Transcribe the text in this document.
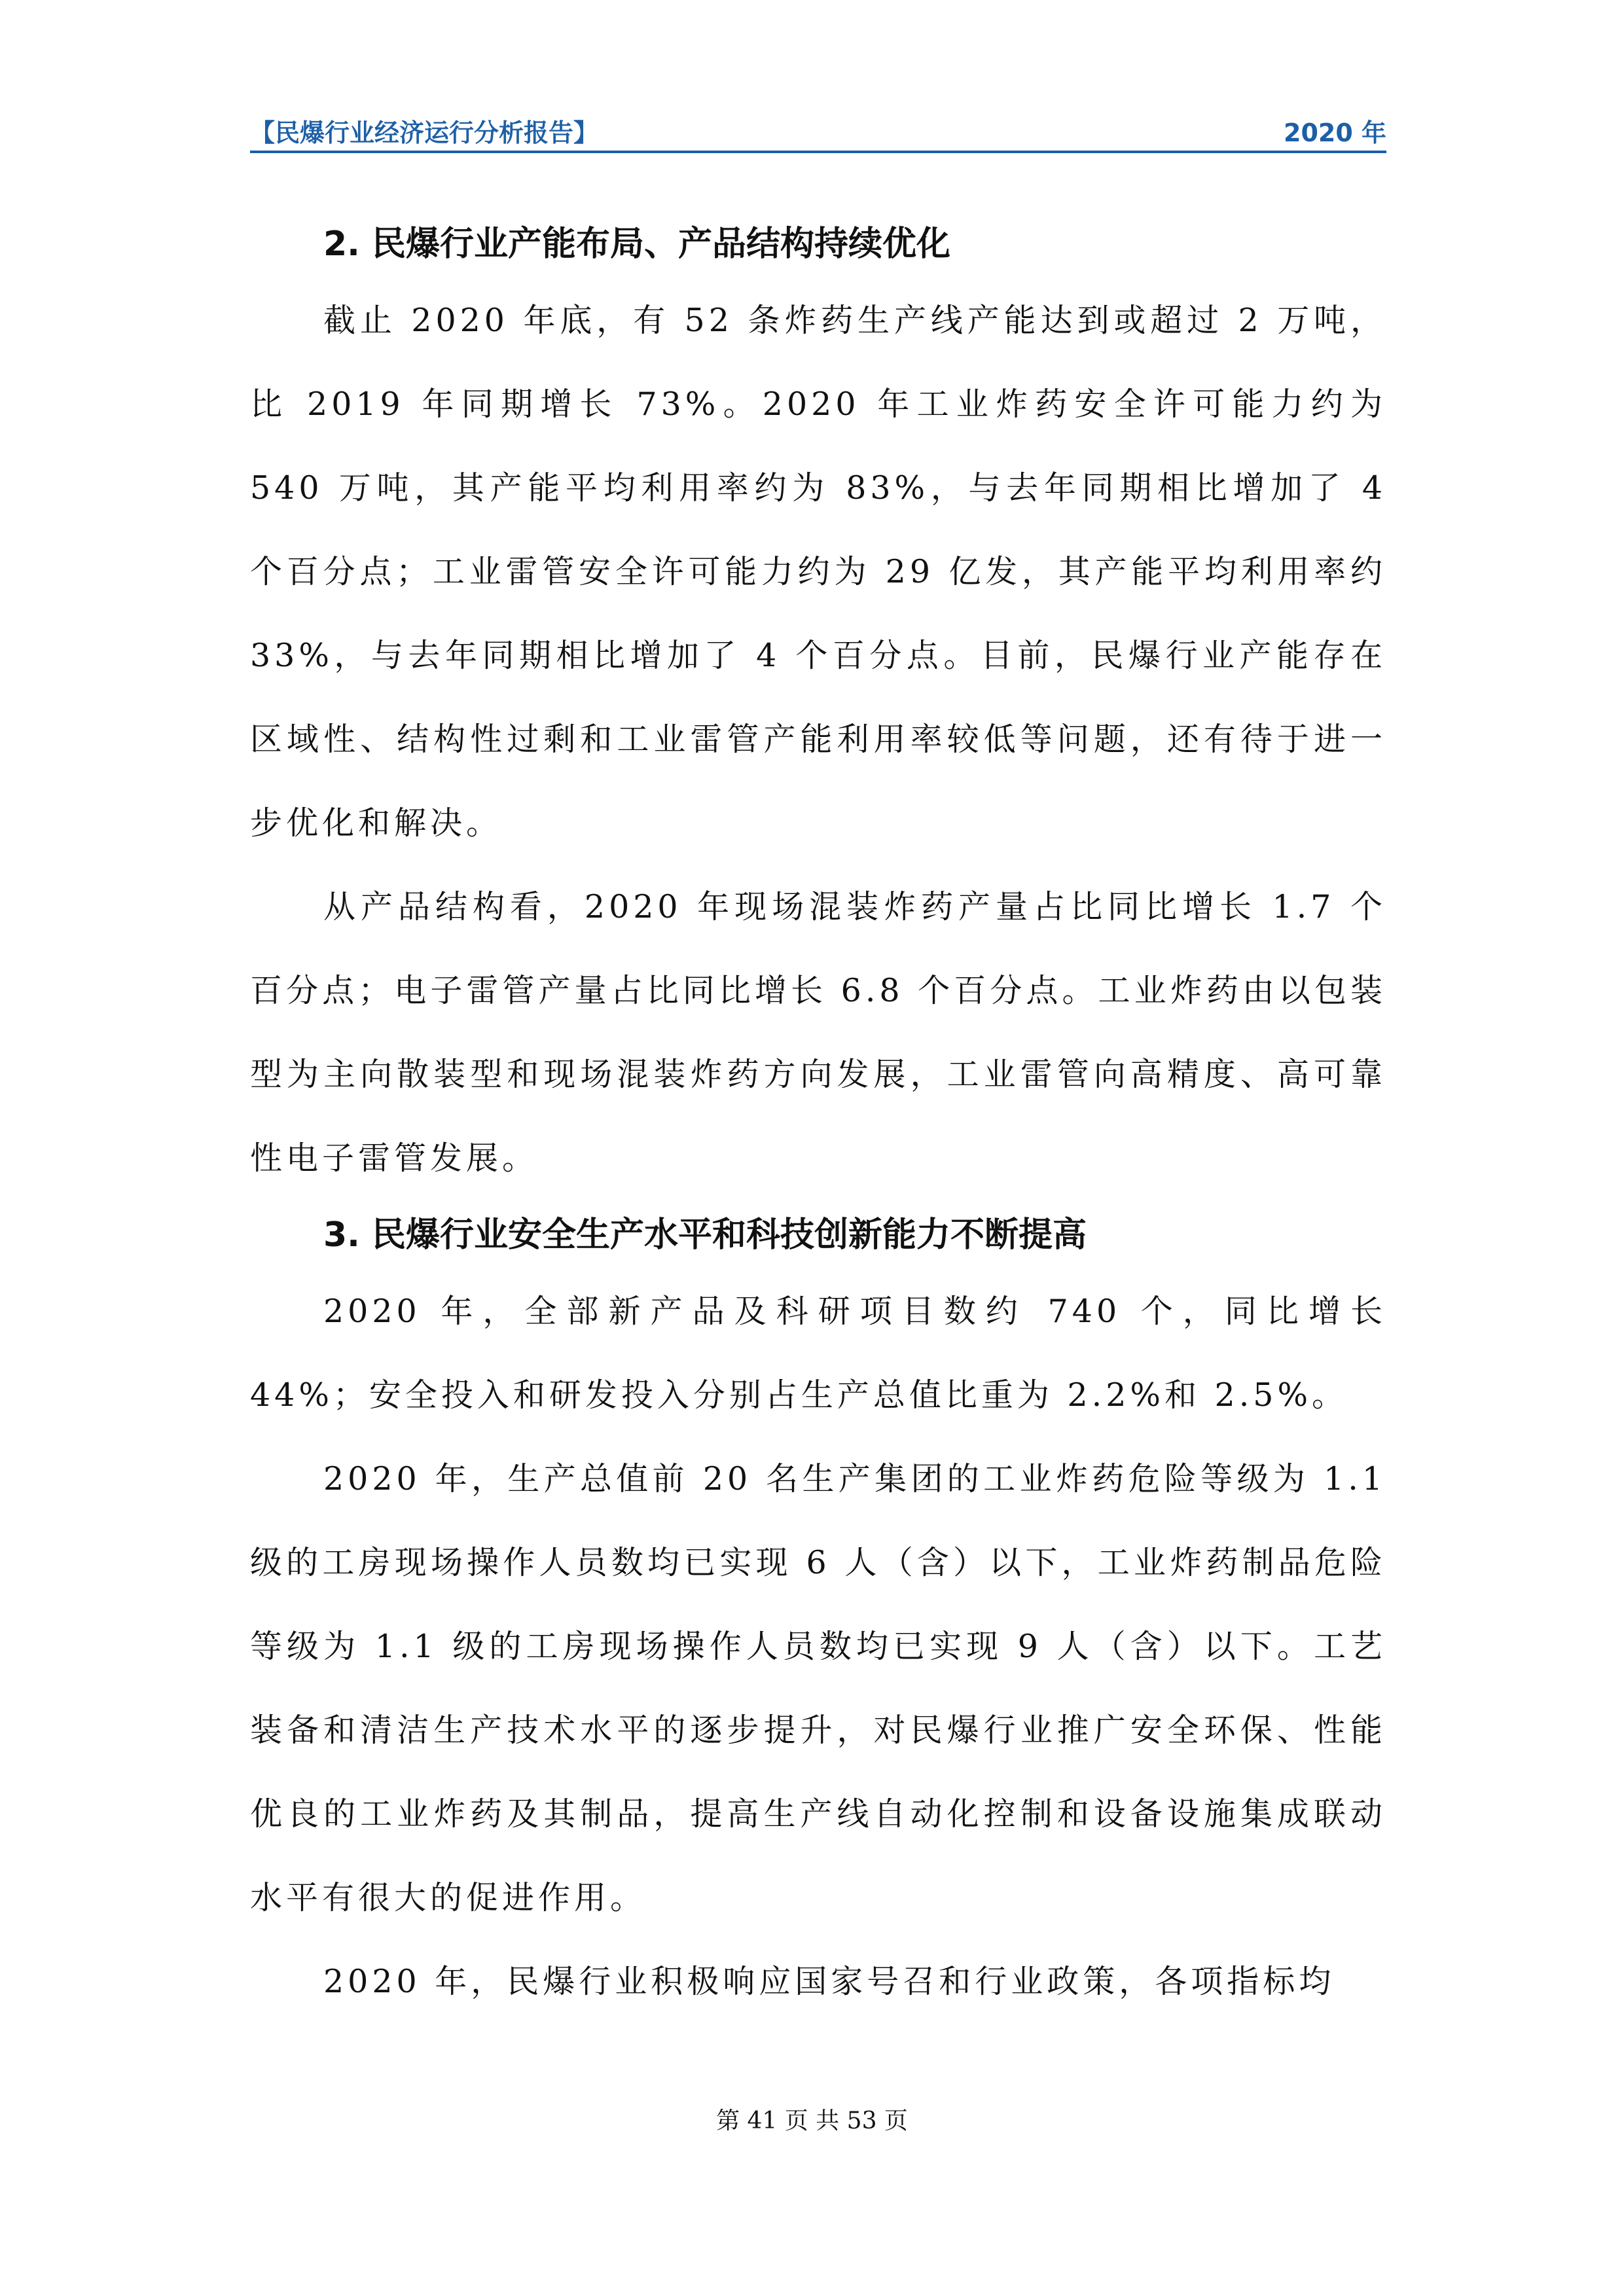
【民爆行业经济运行分析报告】	2020 年
2. 民爆行业产能布局、产品结构持续优化

截止 2020 年底，有 52 条炸药生产线产能达到或超过 2 万吨，比 2019 年同期增长 73%。2020 年工业炸药安全许可能力约为 540 万吨，其产能平均利用率约为 83%，与去年同期相比增加了 4 个百分点；工业雷管安全许可能力约为 29 亿发，其产能平均利用率约 33%，与去年同期相比增加了 4 个百分点。目前，民爆行业产能存在区域性、结构性过剩和工业雷管产能利用率较低等问题，还有待于进一步优化和解决。

从产品结构看，2020 年现场混装炸药产量占比同比增长 1.7 个百分点；电子雷管产量占比同比增长 6.8 个百分点。工业炸药由以包装型为主向散装型和现场混装炸药方向发展，工业雷管向高精度、高可靠性电子雷管发展。

3. 民爆行业安全生产水平和科技创新能力不断提高

2020 年，全部新产品及科研项目数约 740 个，同比增长 44%；安全投入和研发投入分别占生产总值比重为 2.2%和 2.5%。

2020 年，生产总值前 20 名生产集团的工业炸药危险等级为 1.1 级的工房现场操作人员数均已实现 6 人（含）以下，工业炸药制品危险等级为 1.1 级的工房现场操作人员数均已实现 9 人（含）以下。工艺装备和清洁生产技术水平的逐步提升，对民爆行业推广安全环保、性能优良的工业炸药及其制品，提高生产线自动化控制和设备设施集成联动水平有很大的促进作用。

2020 年，民爆行业积极响应国家号召和行业政策，各项指标均

第 41 页 共 53 页
